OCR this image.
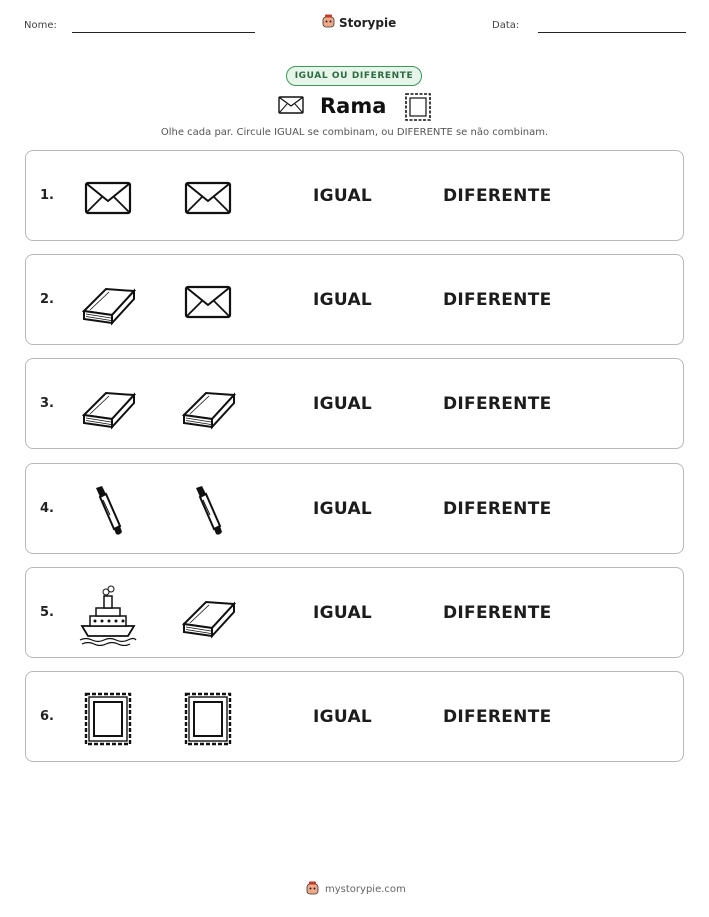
Nome:	Storypie	Data:
IGUAL OU DIFERENTE
Rama
Olhe cada par. Circule IGUAL se combinam, ou DIFERENTE se não combinam.
1.	IGUAL	DIFERENTE
2.	IGUAL	DIFERENTE
3.	IGUAL	DIFERENTE
4.	IGUAL	DIFERENTE
5.	IGUAL	DIFERENTE
6.	IGUAL	DIFERENTE
mystorypie.com
